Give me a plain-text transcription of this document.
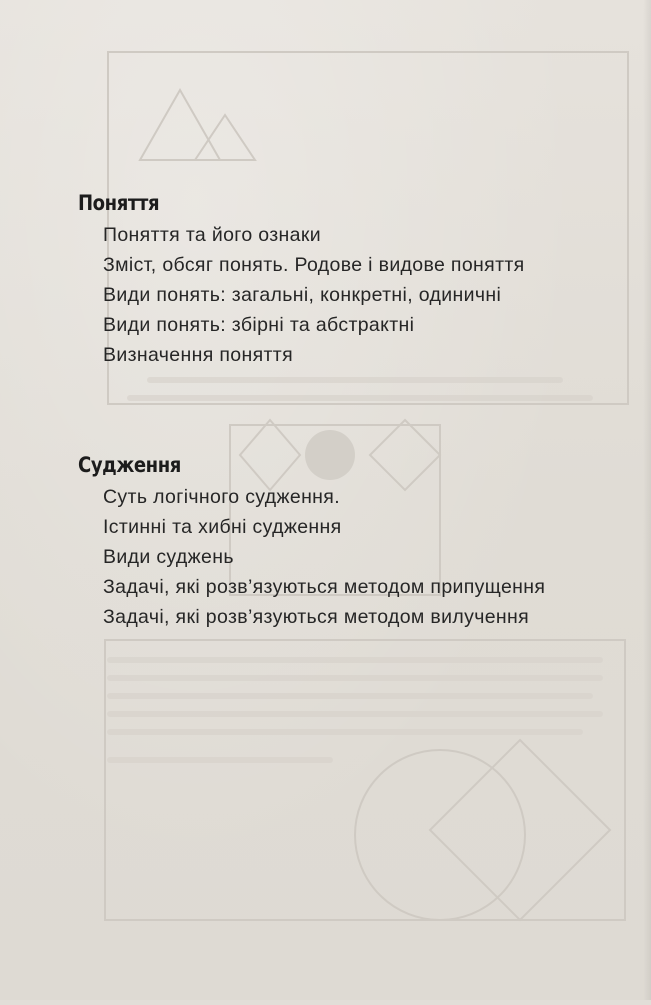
Поняття
Поняття та його ознаки
Зміст, обсяг понять. Родове і видове поняття
Види понять: загальні, конкретні, одиничні
Види понять: збірні та абстрактні
Визначення поняття
Судження
Суть логічного судження.
Істинні та хибні судження
Види суджень
Задачі, які розв’язуються методом припущення
Задачі, які розв’язуються методом вилучення
